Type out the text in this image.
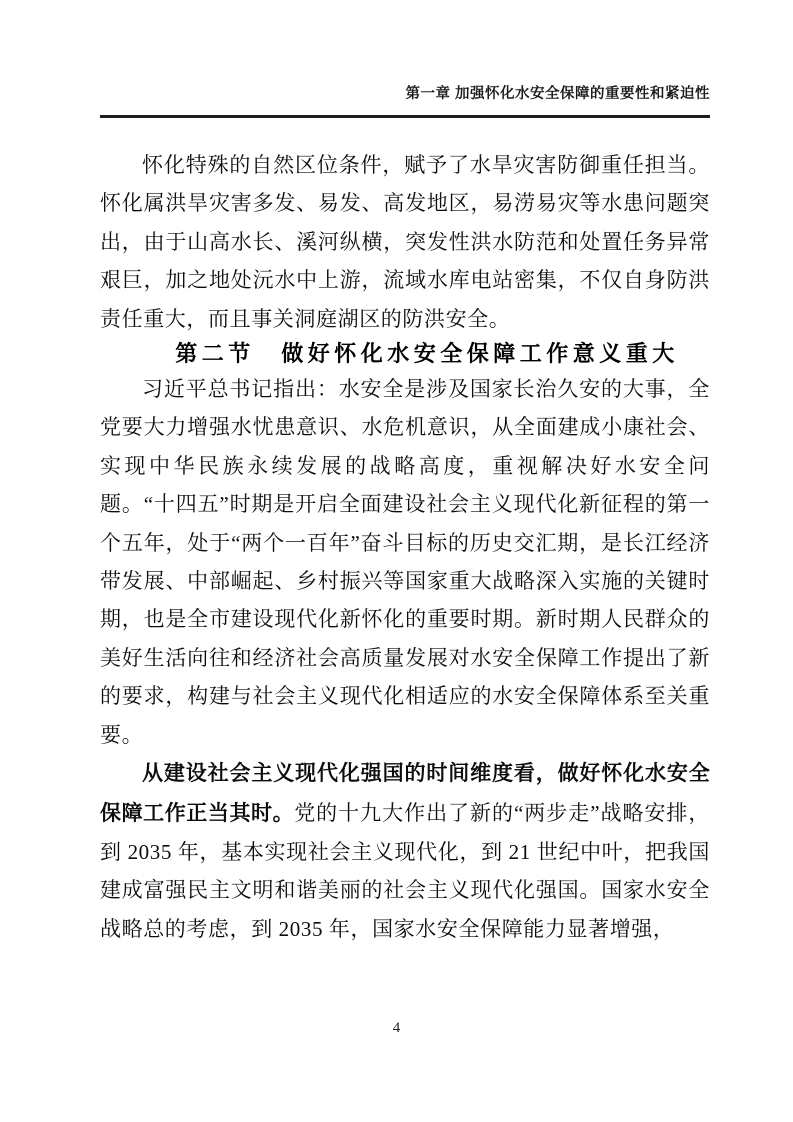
第一章 加强怀化水安全保障的重要性和紧迫性

怀化特殊的自然区位条件，赋予了水旱灾害防御重任担当。怀化属洪旱灾害多发、易发、高发地区，易涝易灾等水患问题突出，由于山高水长、溪河纵横，突发性洪水防范和处置任务异常艰巨，加之地处沅水中上游，流域水库电站密集，不仅自身防洪责任重大，而且事关洞庭湖区的防洪安全。

第二节　做好怀化水安全保障工作意义重大

习近平总书记指出：水安全是涉及国家长治久安的大事，全党要大力增强水忧患意识、水危机意识，从全面建成小康社会、实现中华民族永续发展的战略高度，重视解决好水安全问题。“十四五”时期是开启全面建设社会主义现代化新征程的第一个五年，处于“两个一百年”奋斗目标的历史交汇期，是长江经济带发展、中部崛起、乡村振兴等国家重大战略深入实施的关键时期，也是全市建设现代化新怀化的重要时期。新时期人民群众的美好生活向往和经济社会高质量发展对水安全保障工作提出了新的要求，构建与社会主义现代化相适应的水安全保障体系至关重要。

从建设社会主义现代化强国的时间维度看，做好怀化水安全保障工作正当其时。党的十九大作出了新的“两步走”战略安排，到 2035 年，基本实现社会主义现代化，到 21 世纪中叶，把我国建成富强民主文明和谐美丽的社会主义现代化强国。国家水安全战略总的考虑，到 2035 年，国家水安全保障能力显著增强，

4
